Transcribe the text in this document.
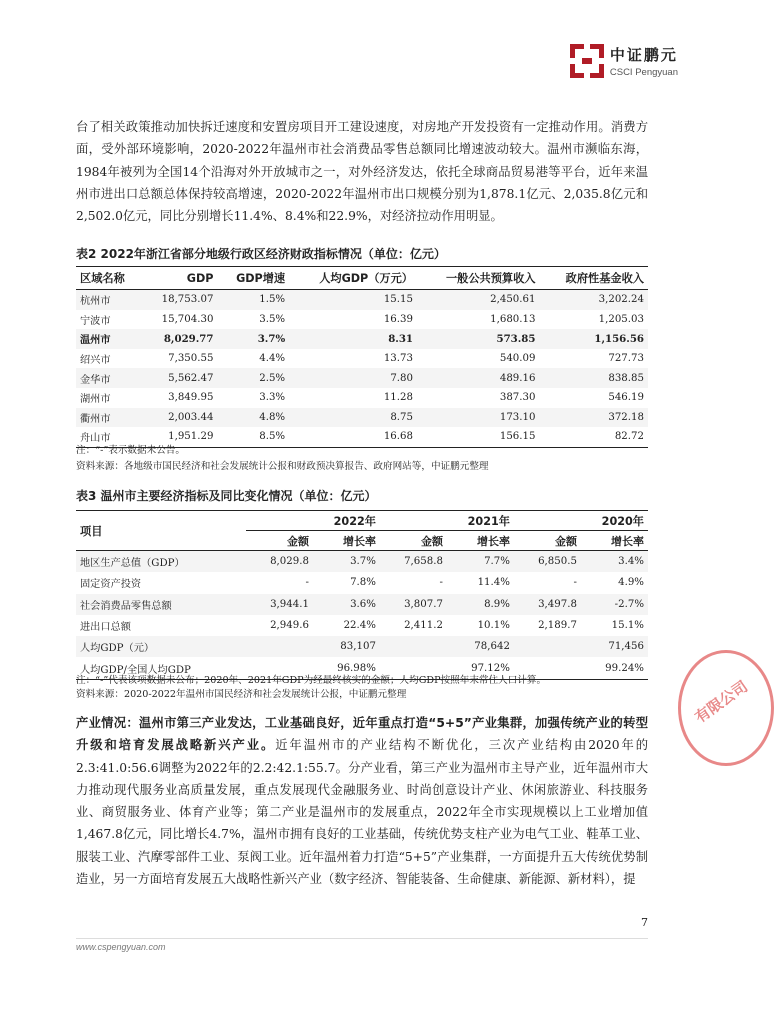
中证鹏元
CSCI Pengyuan
台了相关政策推动加快拆迁速度和安置房项目开工建设速度，对房地产开发投资有一定推动作用。消费方面，受外部环境影响，2020-2022年温州市社会消费品零售总额同比增速波动较大。温州市濒临东海，1984年被列为全国14个沿海对外开放城市之一，对外经济发达，依托全球商品贸易港等平台，近年来温州市进出口总额总体保持较高增速，2020-2022年温州市出口规模分别为1,878.1亿元、2,035.8亿元和2,502.0亿元，同比分别增长11.4%、8.4%和22.9%，对经济拉动作用明显。
表2 2022年浙江省部分地级行政区经济财政指标情况（单位：亿元）
区域名称	GDP	GDP增速	人均GDP（万元）	一般公共预算收入	政府性基金收入
杭州市	18,753.07	1.5%	15.15	2,450.61	3,202.24
宁波市	15,704.30	3.5%	16.39	1,680.13	1,205.03
温州市	8,029.77	3.7%	8.31	573.85	1,156.56
绍兴市	7,350.55	4.4%	13.73	540.09	727.73
金华市	5,562.47	2.5%	7.80	489.16	838.85
湖州市	3,849.95	3.3%	11.28	387.30	546.19
衢州市	2,003.44	4.8%	8.75	173.10	372.18
舟山市	1,951.29	8.5%	16.68	156.15	82.72
注：“-”表示数据未公告。
资料来源：各地级市国民经济和社会发展统计公报和财政预决算报告、政府网站等，中证鹏元整理
表3 温州市主要经济指标及同比变化情况（单位：亿元）
项目	2022年		2021年		2020年	
	金额	增长率	金额	增长率	金额	增长率
地区生产总值（GDP）	8,029.8	3.7%	7,658.8	7.7%	6,850.5	3.4%
固定资产投资	-	7.8%	-	11.4%	-	4.9%
社会消费品零售总额	3,944.1	3.6%	3,807.7	8.9%	3,497.8	-2.7%
进出口总额	2,949.6	22.4%	2,411.2	10.1%	2,189.7	15.1%
人均GDP（元）		83,107		78,642		71,456
人均GDP/全国人均GDP		96.98%		97.12%		99.24%
注：“-”代表该项数据未公布；2020年、2021年GDP为经最终核实的金额；人均GDP按照年末常住人口计算。
资料来源：2020-2022年温州市国民经济和社会发展统计公报，中证鹏元整理
产业情况：温州市第三产业发达，工业基础良好，近年重点打造“5+5”产业集群，加强传统产业的转型升级和培育发展战略新兴产业。近年温州市的产业结构不断优化，三次产业结构由2020年的2.3:41.0:56.6调整为2022年的2.2:42.1:55.7。分产业看，第三产业为温州市主导产业，近年温州市大力推动现代服务业高质量发展，重点发展现代金融服务业、时尚创意设计产业、休闲旅游业、科技服务业、商贸服务业、体育产业等；第二产业是温州市的发展重点，2022年全市实现规模以上工业增加值1,467.8亿元，同比增长4.7%，温州市拥有良好的工业基础，传统优势支柱产业为电气工业、鞋革工业、服装工业、汽摩零部件工业、泵阀工业。近年温州着力打造“5+5”产业集群，一方面提升五大传统优势制造业，另一方面培育发展五大战略性新兴产业（数字经济、智能装备、生命健康、新能源、新材料），提
有限公司
7
www.cspengyuan.com
